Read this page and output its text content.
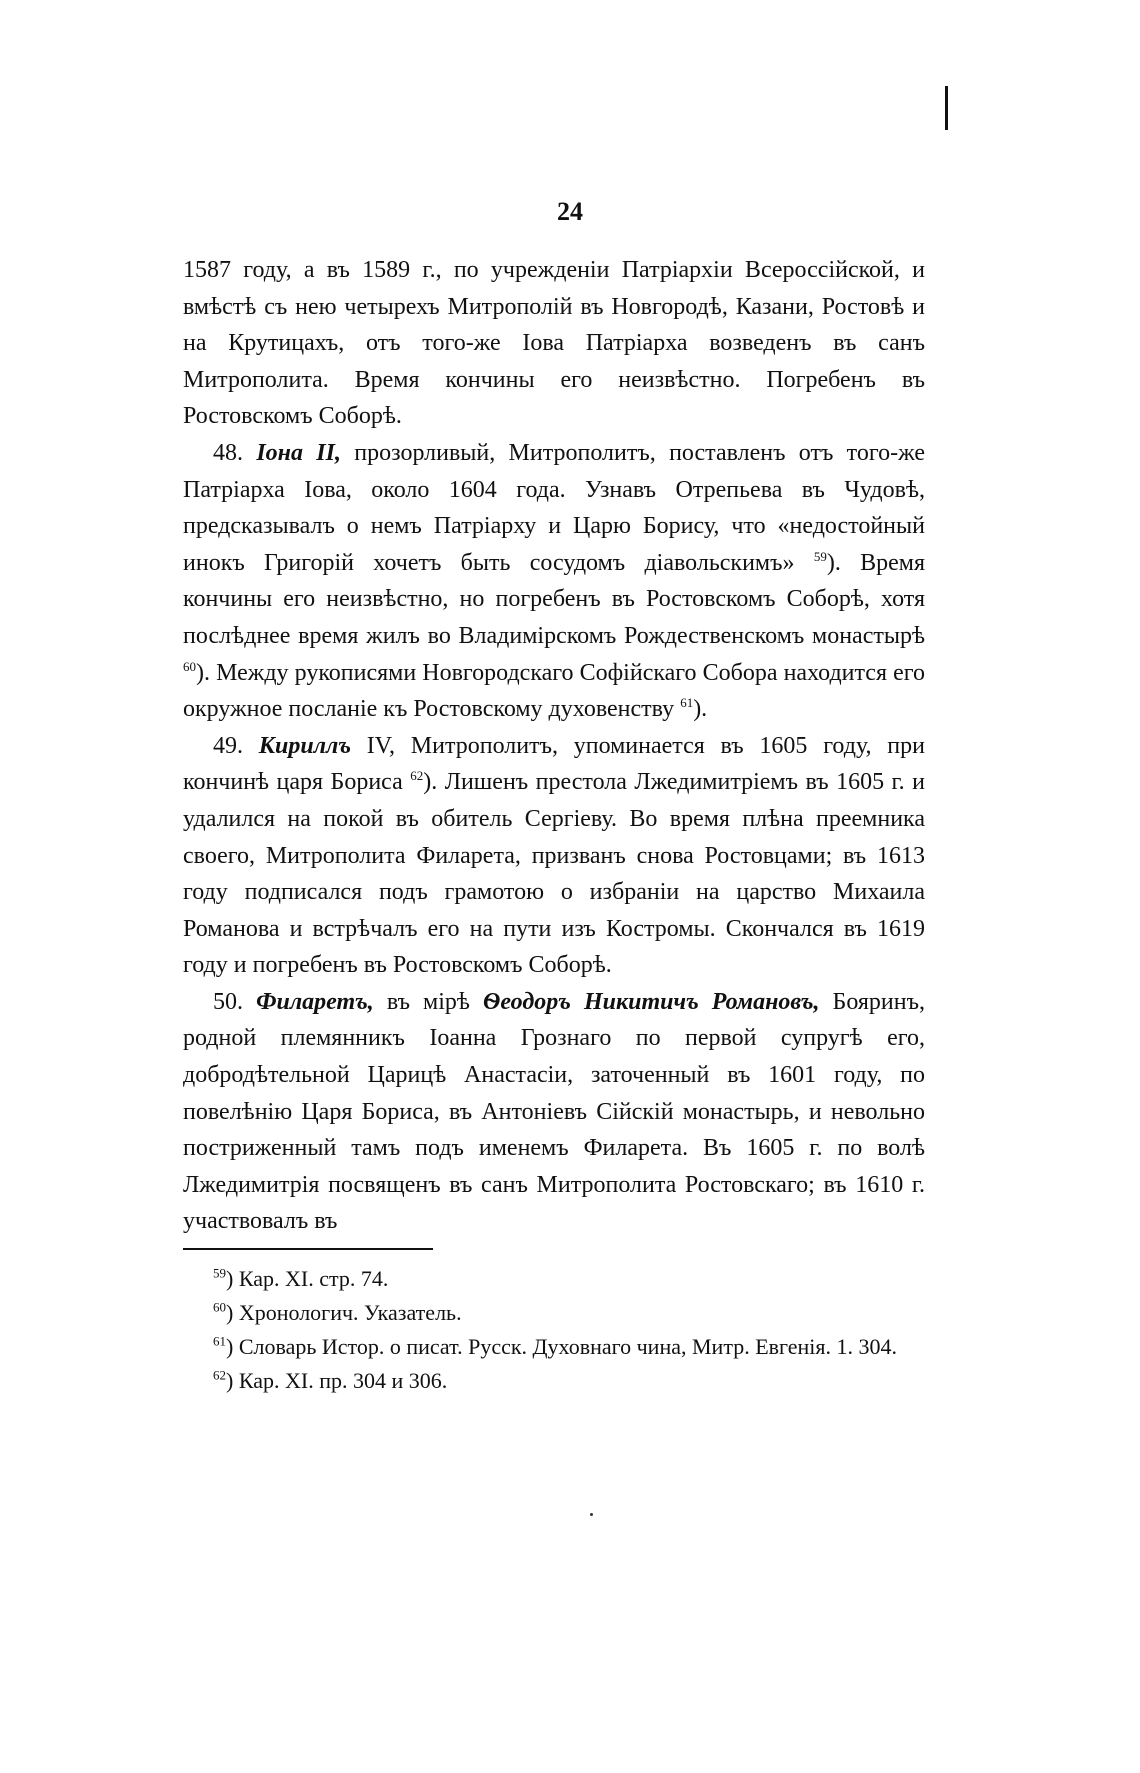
24

1587 году, а въ 1589 г., по учрежденіи Патріархіи Всероссійской, и вмѣстѣ съ нею четырехъ Митрополій въ Новгородѣ, Казани, Ростовѣ и на Крутицахъ, отъ того-же Іова Патріарха возведенъ въ санъ Митрополита. Время кончины его неизвѣстно. Погребенъ въ Ростовскомъ Соборѣ.

48. Іона II, прозорливый, Митрополитъ, поставленъ отъ того-же Патріарха Іова, около 1604 года. Узнавъ Отрепьева въ Чудовѣ, предсказывалъ о немъ Патріарху и Царю Борису, что «недостойный инокъ Григорій хочетъ быть сосудомъ діавольскимъ» $^{59}$). Время кончины его неизвѣстно, но погребенъ въ Ростовскомъ Соборѣ, хотя послѣднее время жилъ во Владимірскомъ Рождественскомъ монастырѣ $^{60}$). Между рукописями Новгородскаго Софійскаго Собора находится его окружное посланіе къ Ростовскому духовенству $^{61}$).

49. Кириллъ IV, Митрополитъ, упоминается въ 1605 году, при кончинѣ царя Бориса $^{62}$). Лишенъ престола Лжедимитріемъ въ 1605 г. и удалился на покой въ обитель Сергіеву. Во время плѣна преемника своего, Митрополита Филарета, призванъ снова Ростовцами; въ 1613 году подписался подъ грамотою о избраніи на царство Михаила Романова и встрѣчалъ его на пути изъ Костромы. Скончался въ 1619 году и погребенъ въ Ростовскомъ Соборѣ.

50. Филаретъ, въ мірѣ Ѳеодоръ Никитичъ Романовъ, Бояринъ, родной племянникъ Іоанна Грознаго по первой супругѣ его, добродѣтельной Царицѣ Анастасіи, заточенный въ 1601 году, по повелѣнію Царя Бориса, въ Антоніевъ Сійскій монастырь, и невольно постриженный тамъ подъ именемъ Филарета. Въ 1605 г. по волѣ Лжедимитрія посвященъ въ санъ Митрополита Ростовскаго; въ 1610 г. участвовалъ въ

$^{59}$) Кар. XI. стр. 74.

$^{60}$) Хронологич. Указатель.

$^{61}$) Словарь Истор. о писат. Русск. Духовнаго чина, Митр. Евгенія. 1. 304.

$^{62}$) Кар. XI. пр. 304 и 306.
